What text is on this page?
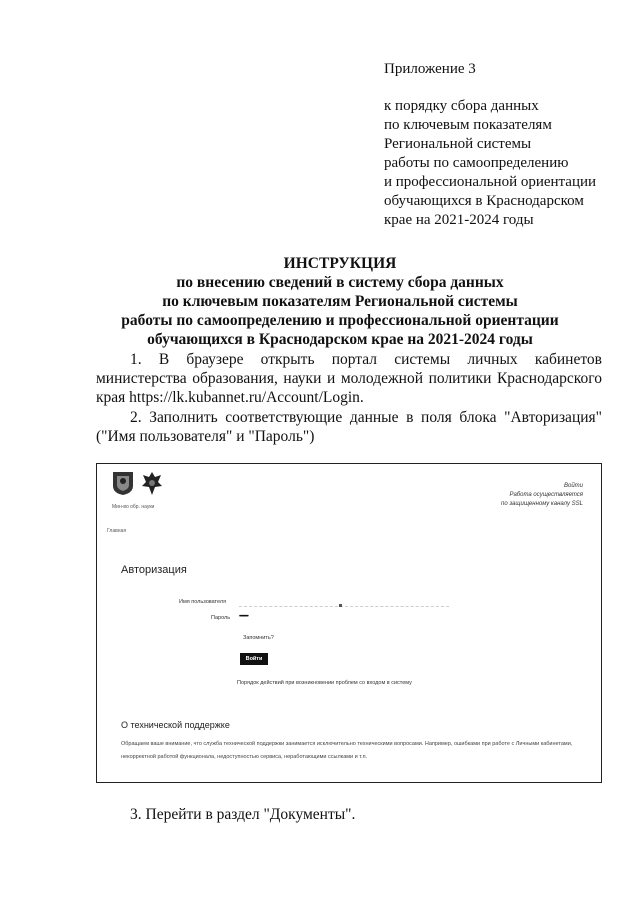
Приложение 3
к порядку сбора данных
по ключевым показателям
Региональной системы
работы по самоопределению
и профессиональной ориентации
обучающихся в Краснодарском
крае на 2021-2024 годы
ИНСТРУКЦИЯ
по внесению сведений в систему сбора данных
по ключевым показателям Региональной системы
работы по самоопределению и профессиональной ориентации
обучающихся в Краснодарском крае на 2021-2024 годы
1. В браузере открыть портал системы личных кабинетов министерства образования, науки и молодежной политики Краснодарского края https://lk.kubannet.ru/Account/Login.
2. Заполнить соответствующие данные в поля блока "Авторизация" ("Имя пользователя" и "Пароль")
Мин-во обр. науки
Войти
Работа осуществляется
по защищенному каналу SSL
Главная
Авторизация
Имя пользователя
Пароль ••••••••
Запомнить?
Войти
Порядок действий при возникновении проблем со входом в систему
О технической поддержке
Обращаем ваше внимание, что служба технической поддержки занимается исключительно техническими вопросами. Например, ошибками при работе с Личными кабинетами, некорректной работой функционала, недоступностью сервиса, неработающими ссылками и т.п.
3. Перейти в раздел "Документы".
